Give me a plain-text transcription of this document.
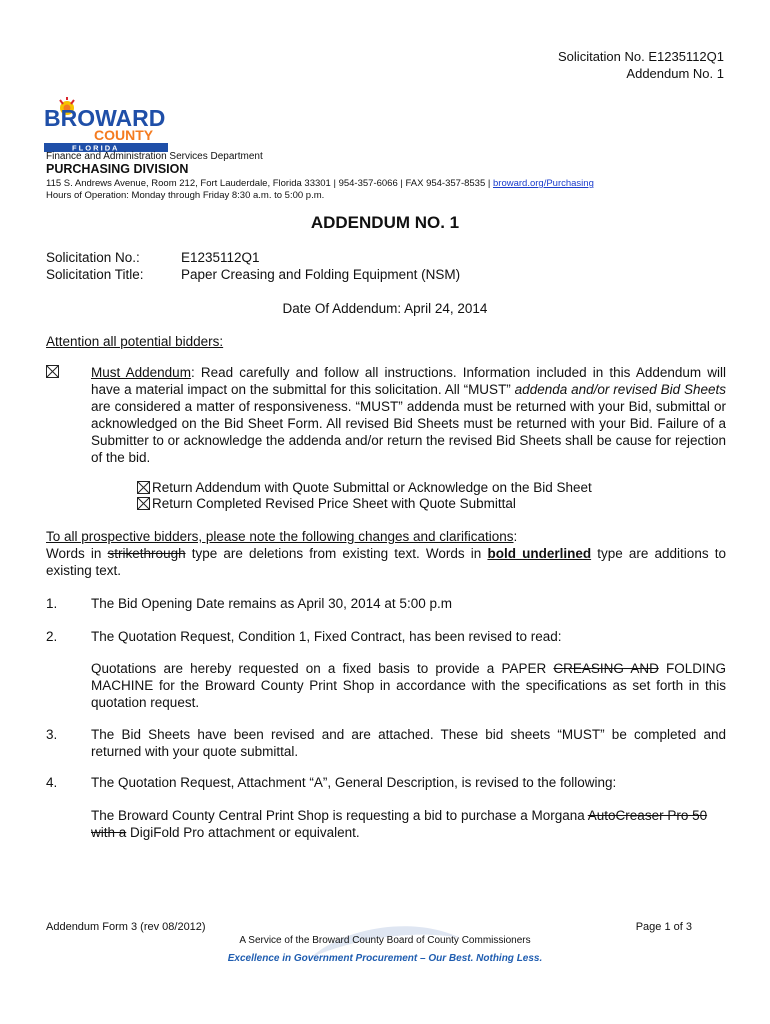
Solicitation No. E1235112Q1
Addendum No. 1
BROWARD
COUNTY
F L O R I D A
Finance and Administration Services Department
PURCHASING DIVISION
115 S. Andrews Avenue, Room 212, Fort Lauderdale, Florida 33301 | 954-357-6066 | FAX 954-357-8535 | broward.org/Purchasing
Hours of Operation: Monday through Friday 8:30 a.m. to 5:00 p.m.
ADDENDUM NO. 1
Solicitation No.:	E1235112Q1
Solicitation Title:	Paper Creasing and Folding Equipment (NSM)
Date Of Addendum: April 24, 2014
Attention all potential bidders:
Must Addendum: Read carefully and follow all instructions. Information included in this Addendum will have a material impact on the submittal for this solicitation. All “MUST” addenda and/or revised Bid Sheets are considered a matter of responsiveness. “MUST” addenda must be returned with your Bid, submittal or acknowledged on the Bid Sheet Form. All revised Bid Sheets must be returned with your Bid. Failure of a Submitter to or acknowledge the addenda and/or return the revised Bid Sheets shall be cause for rejection of the bid.
Return Addendum with Quote Submittal or Acknowledge on the Bid Sheet
Return Completed Revised Price Sheet with Quote Submittal
To all prospective bidders, please note the following changes and clarifications:
Words in strikethrough type are deletions from existing text. Words in bold underlined type are additions to existing text.
1. The Bid Opening Date remains as April 30, 2014 at 5:00 p.m
2. The Quotation Request, Condition 1, Fixed Contract, has been revised to read:
Quotations are hereby requested on a fixed basis to provide a PAPER CREASING AND FOLDING MACHINE for the Broward County Print Shop in accordance with the specifications as set forth in this quotation request.
3. The Bid Sheets have been revised and are attached. These bid sheets “MUST” be completed and returned with your quote submittal.
4. The Quotation Request, Attachment “A”, General Description, is revised to the following:
The Broward County Central Print Shop is requesting a bid to purchase a Morgana AutoCreaser Pro 50 with a DigiFold Pro attachment or equivalent.
Addendum Form 3 (rev 08/2012)	Page 1 of 3
A Service of the Broward County Board of County Commissioners
Excellence in Government Procurement – Our Best. Nothing Less.
